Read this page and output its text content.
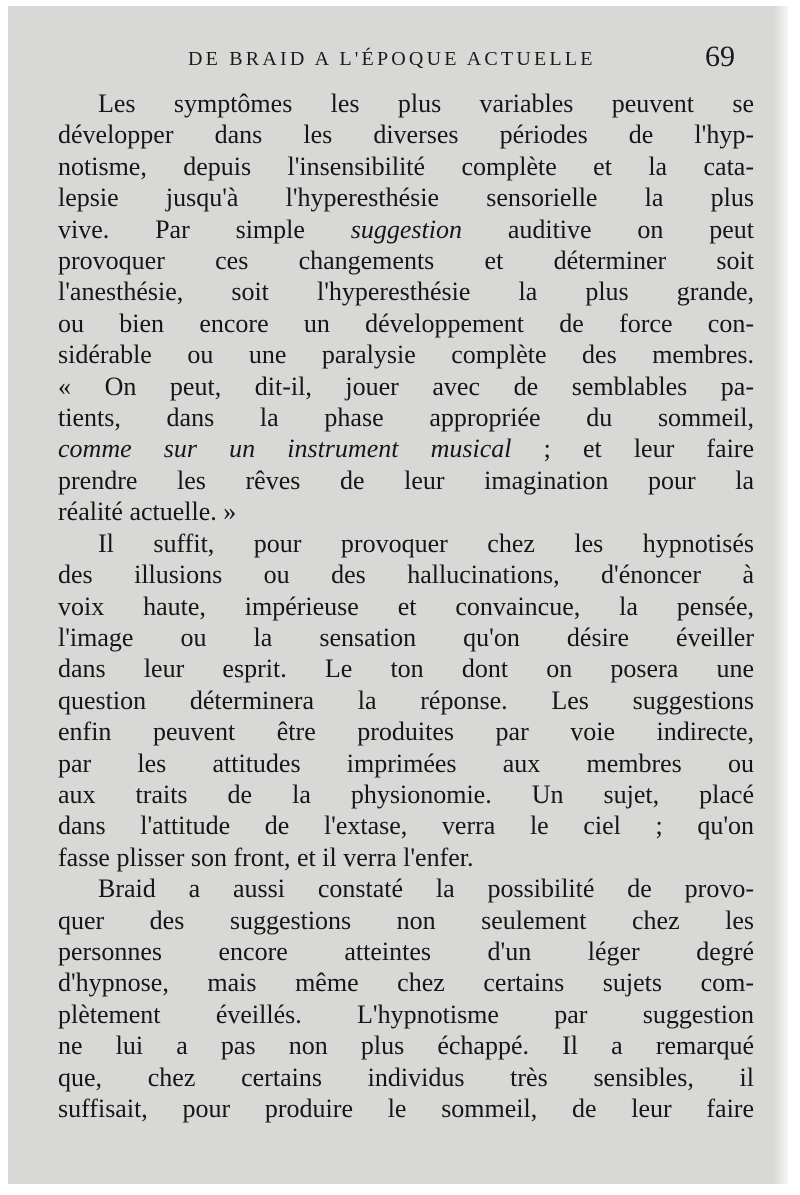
DE BRAID A L'ÉPOQUE ACTUELLE	69
Les symptômes les plus variables peuvent se
développer dans les diverses périodes de l'hyp-
notisme, depuis l'insensibilité complète et la cata-
lepsie jusqu'à l'hyperesthésie sensorielle la plus
vive. Par simple suggestion auditive on peut
provoquer ces changements et déterminer soit
l'anesthésie, soit l'hyperesthésie la plus grande,
ou bien encore un développement de force con-
sidérable ou une paralysie complète des membres.
« On peut, dit-il, jouer avec de semblables pa-
tients, dans la phase appropriée du sommeil,
comme sur un instrument musical ; et leur faire
prendre les rêves de leur imagination pour la
réalité actuelle. »
Il suffit, pour provoquer chez les hypnotisés
des illusions ou des hallucinations, d'énoncer à
voix haute, impérieuse et convaincue, la pensée,
l'image ou la sensation qu'on désire éveiller
dans leur esprit. Le ton dont on posera une
question déterminera la réponse. Les suggestions
enfin peuvent être produites par voie indirecte,
par les attitudes imprimées aux membres ou
aux traits de la physionomie. Un sujet, placé
dans l'attitude de l'extase, verra le ciel ; qu'on
fasse plisser son front, et il verra l'enfer.
Braid a aussi constaté la possibilité de provo-
quer des suggestions non seulement chez les
personnes encore atteintes d'un léger degré
d'hypnose, mais même chez certains sujets com-
plètement éveillés. L'hypnotisme par suggestion
ne lui a pas non plus échappé. Il a remarqué
que, chez certains individus très sensibles, il
suffisait, pour produire le sommeil, de leur faire
